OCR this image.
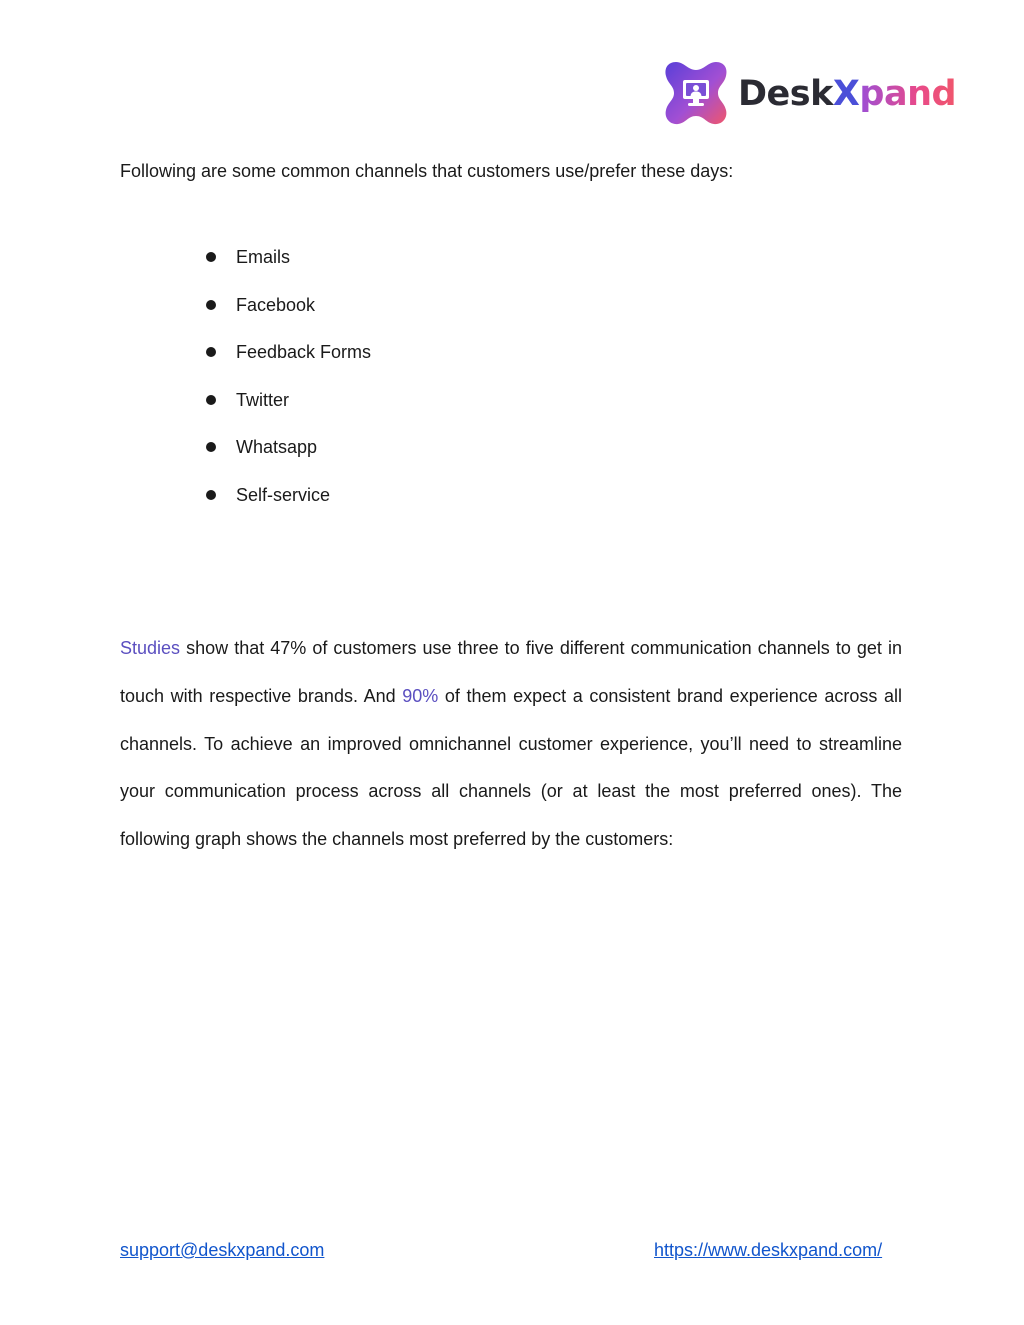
DeskXpand
Following are some common channels that customers use/prefer these days:
Emails
Facebook
Feedback Forms
Twitter
Whatsapp
Self-service

Studies show that 47% of customers use three to five different communication channels to get in touch with respective brands. And 90% of them expect a consistent brand experience across all channels. To achieve an improved omnichannel customer experience, you’ll need to streamline your communication process across all channels (or at least the most preferred ones). The following graph shows the channels most preferred by the customers:

support@deskxpand.com	https://www.deskxpand.com/
